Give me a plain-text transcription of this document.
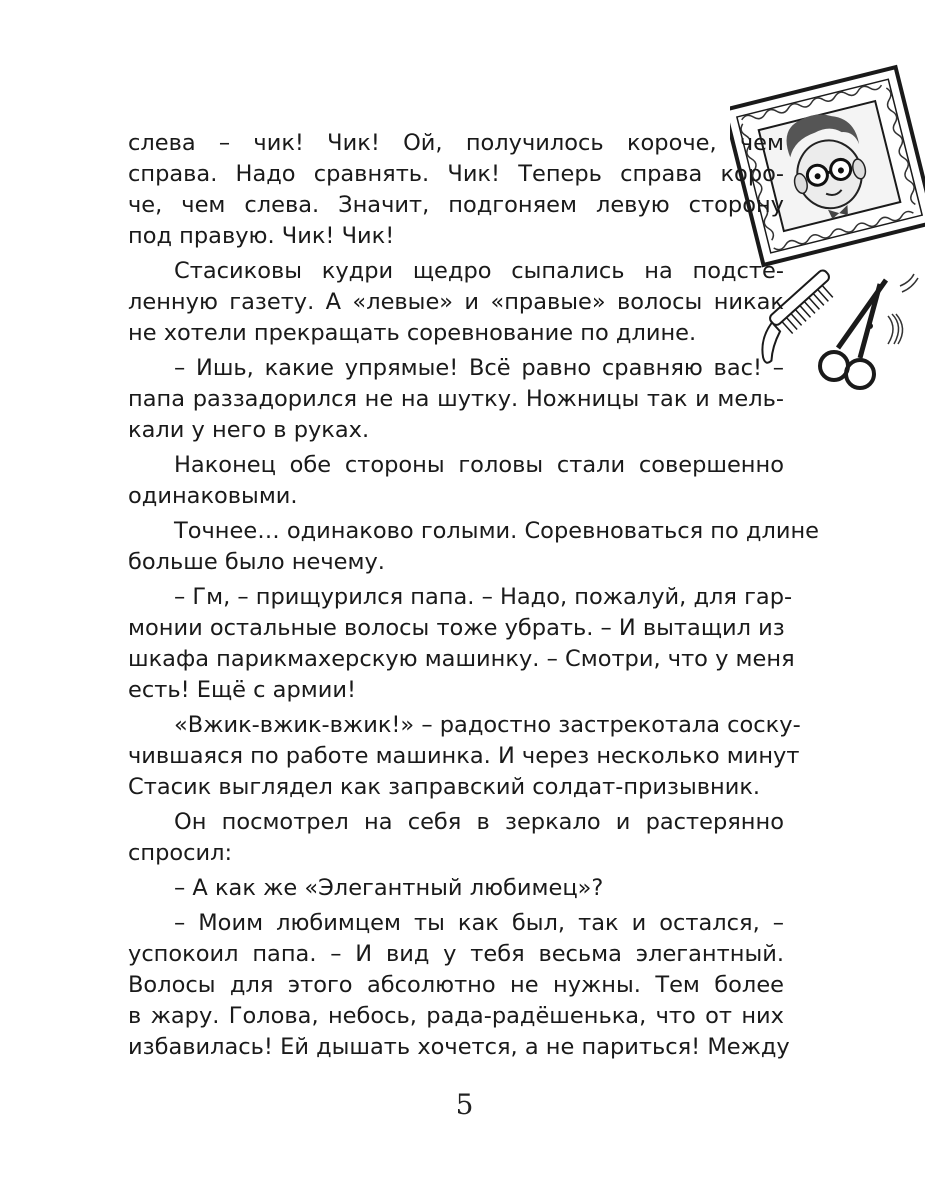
слева – чик! Чик! Ой, получилось короче, чем
справа. Надо сравнять. Чик! Теперь справа коро-
че, чем слева. Значит, подгоняем левую сторону
под правую. Чик! Чик!
Стасиковы кудри щедро сыпались на подсте-
ленную газету. А «левые» и «правые» волосы никак
не хотели прекращать соревнование по длине.
– Ишь, какие упрямые! Всё равно сравняю вас! –
папа раззадорился не на шутку. Ножницы так и мель-
кали у него в руках.
Наконец обе стороны головы стали совершенно
одинаковыми.
Точнее… одинаково голыми. Соревноваться по длине
больше было нечему.
– Гм, – прищурился папа. – Надо, пожалуй, для гар-
монии остальные волосы тоже убрать. – И вытащил из
шкафа парикмахерскую машинку. – Смотри, что у меня
есть! Ещё с армии!
«Вжик-вжик-вжик!» – радостно застрекотала соску-
чившаяся по работе машинка. И через несколько минут
Стасик выглядел как заправский солдат-призывник.
Он посмотрел на себя в зеркало и растерянно
спросил:
– А как же «Элегантный любимец»?
– Моим любимцем ты как был, так и остался, –
успокоил папа. – И вид у тебя весьма элегантный.
Волосы для этого абсолютно не нужны. Тем более
в жару. Голова, небось, рада-радёшенька, что от них
избавилась! Ей дышать хочется, а не париться! Между
5
